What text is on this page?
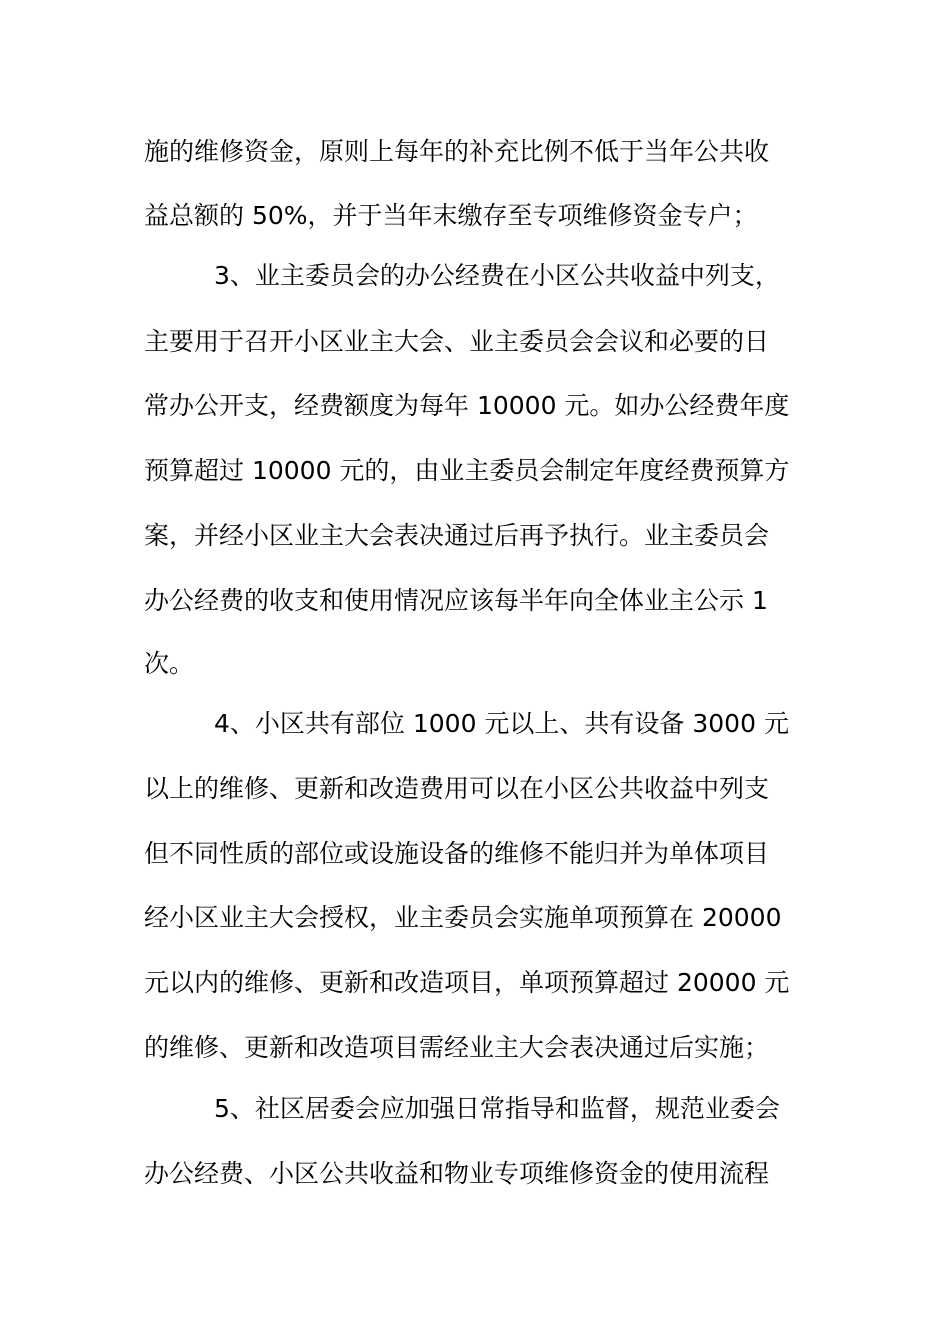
施的维修资金，原则上每年的补充比例不低于当年公共收
益总额的 50%，并于当年末缴存至专项维修资金专户；
3、业主委员会的办公经费在小区公共收益中列支，
主要用于召开小区业主大会、业主委员会会议和必要的日
常办公开支，经费额度为每年 10000 元。如办公经费年度
预算超过 10000 元的，由业主委员会制定年度经费预算方
案，并经小区业主大会表决通过后再予执行。业主委员会
办公经费的收支和使用情况应该每半年向全体业主公示 1
次。
4、小区共有部位 1000 元以上、共有设备 3000 元
以上的维修、更新和改造费用可以在小区公共收益中列支
但不同性质的部位或设施设备的维修不能归并为单体项目
经小区业主大会授权，业主委员会实施单项预算在 20000
元以内的维修、更新和改造项目，单项预算超过 20000 元
的维修、更新和改造项目需经业主大会表决通过后实施；
5、社区居委会应加强日常指导和监督，规范业委会
办公经费、小区公共收益和物业专项维修资金的使用流程
